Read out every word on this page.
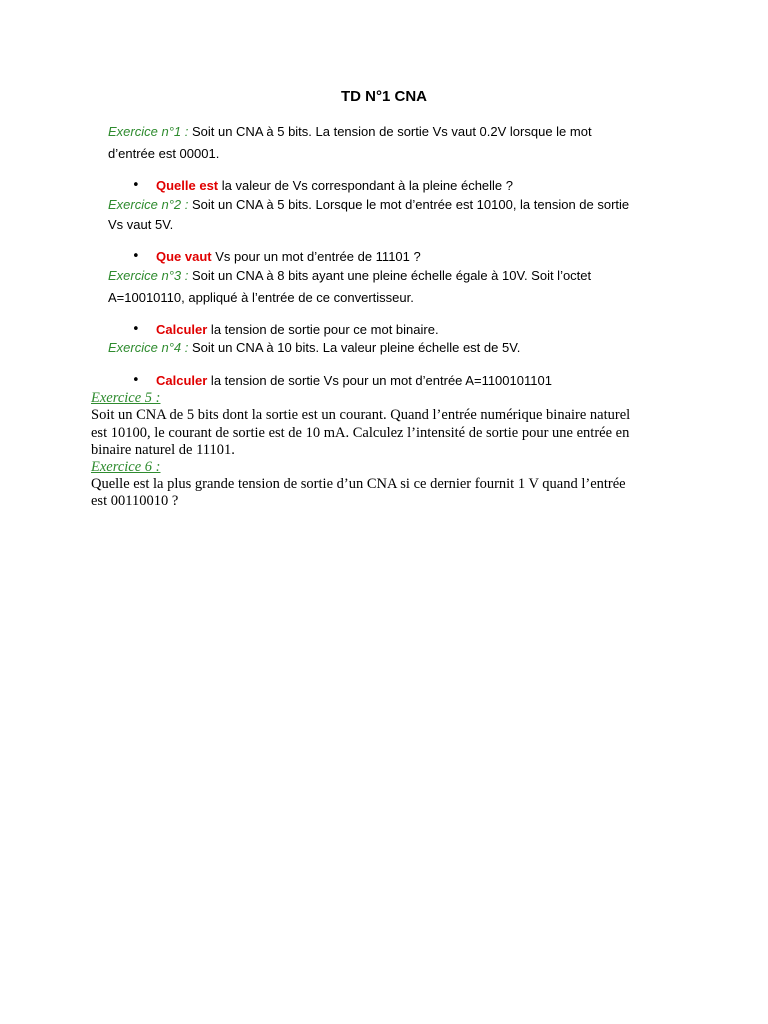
TD N°1 CNA
Exercice n°1 : Soit un CNA à 5 bits. La tension de sortie Vs vaut 0.2V lorsque le mot
d’entrée est 00001.
• Quelle est la valeur de Vs correspondant à la pleine échelle ?
Exercice n°2 : Soit un CNA à 5 bits. Lorsque le mot d’entrée est 10100, la tension de sortie
Vs vaut 5V.
• Que vaut Vs pour un mot d’entrée de 11101 ?
Exercice n°3 : Soit un CNA à 8 bits ayant une pleine échelle égale à 10V. Soit l’octet
A=10010110, appliqué à l’entrée de ce convertisseur.
• Calculer la tension de sortie pour ce mot binaire.
Exercice n°4 : Soit un CNA à 10 bits. La valeur pleine échelle est de 5V.
• Calculer la tension de sortie Vs pour un mot d’entrée A=1100101101
Exercice 5 :
Soit un CNA de 5 bits dont la sortie est un courant. Quand l’entrée numérique binaire naturel
est 10100, le courant de sortie est de 10 mA. Calculez l’intensité de sortie pour une entrée en
binaire naturel de 11101.
Exercice 6 :
Quelle est la plus grande tension de sortie d’un CNA si ce dernier fournit 1 V quand l’entrée
est 00110010 ?
